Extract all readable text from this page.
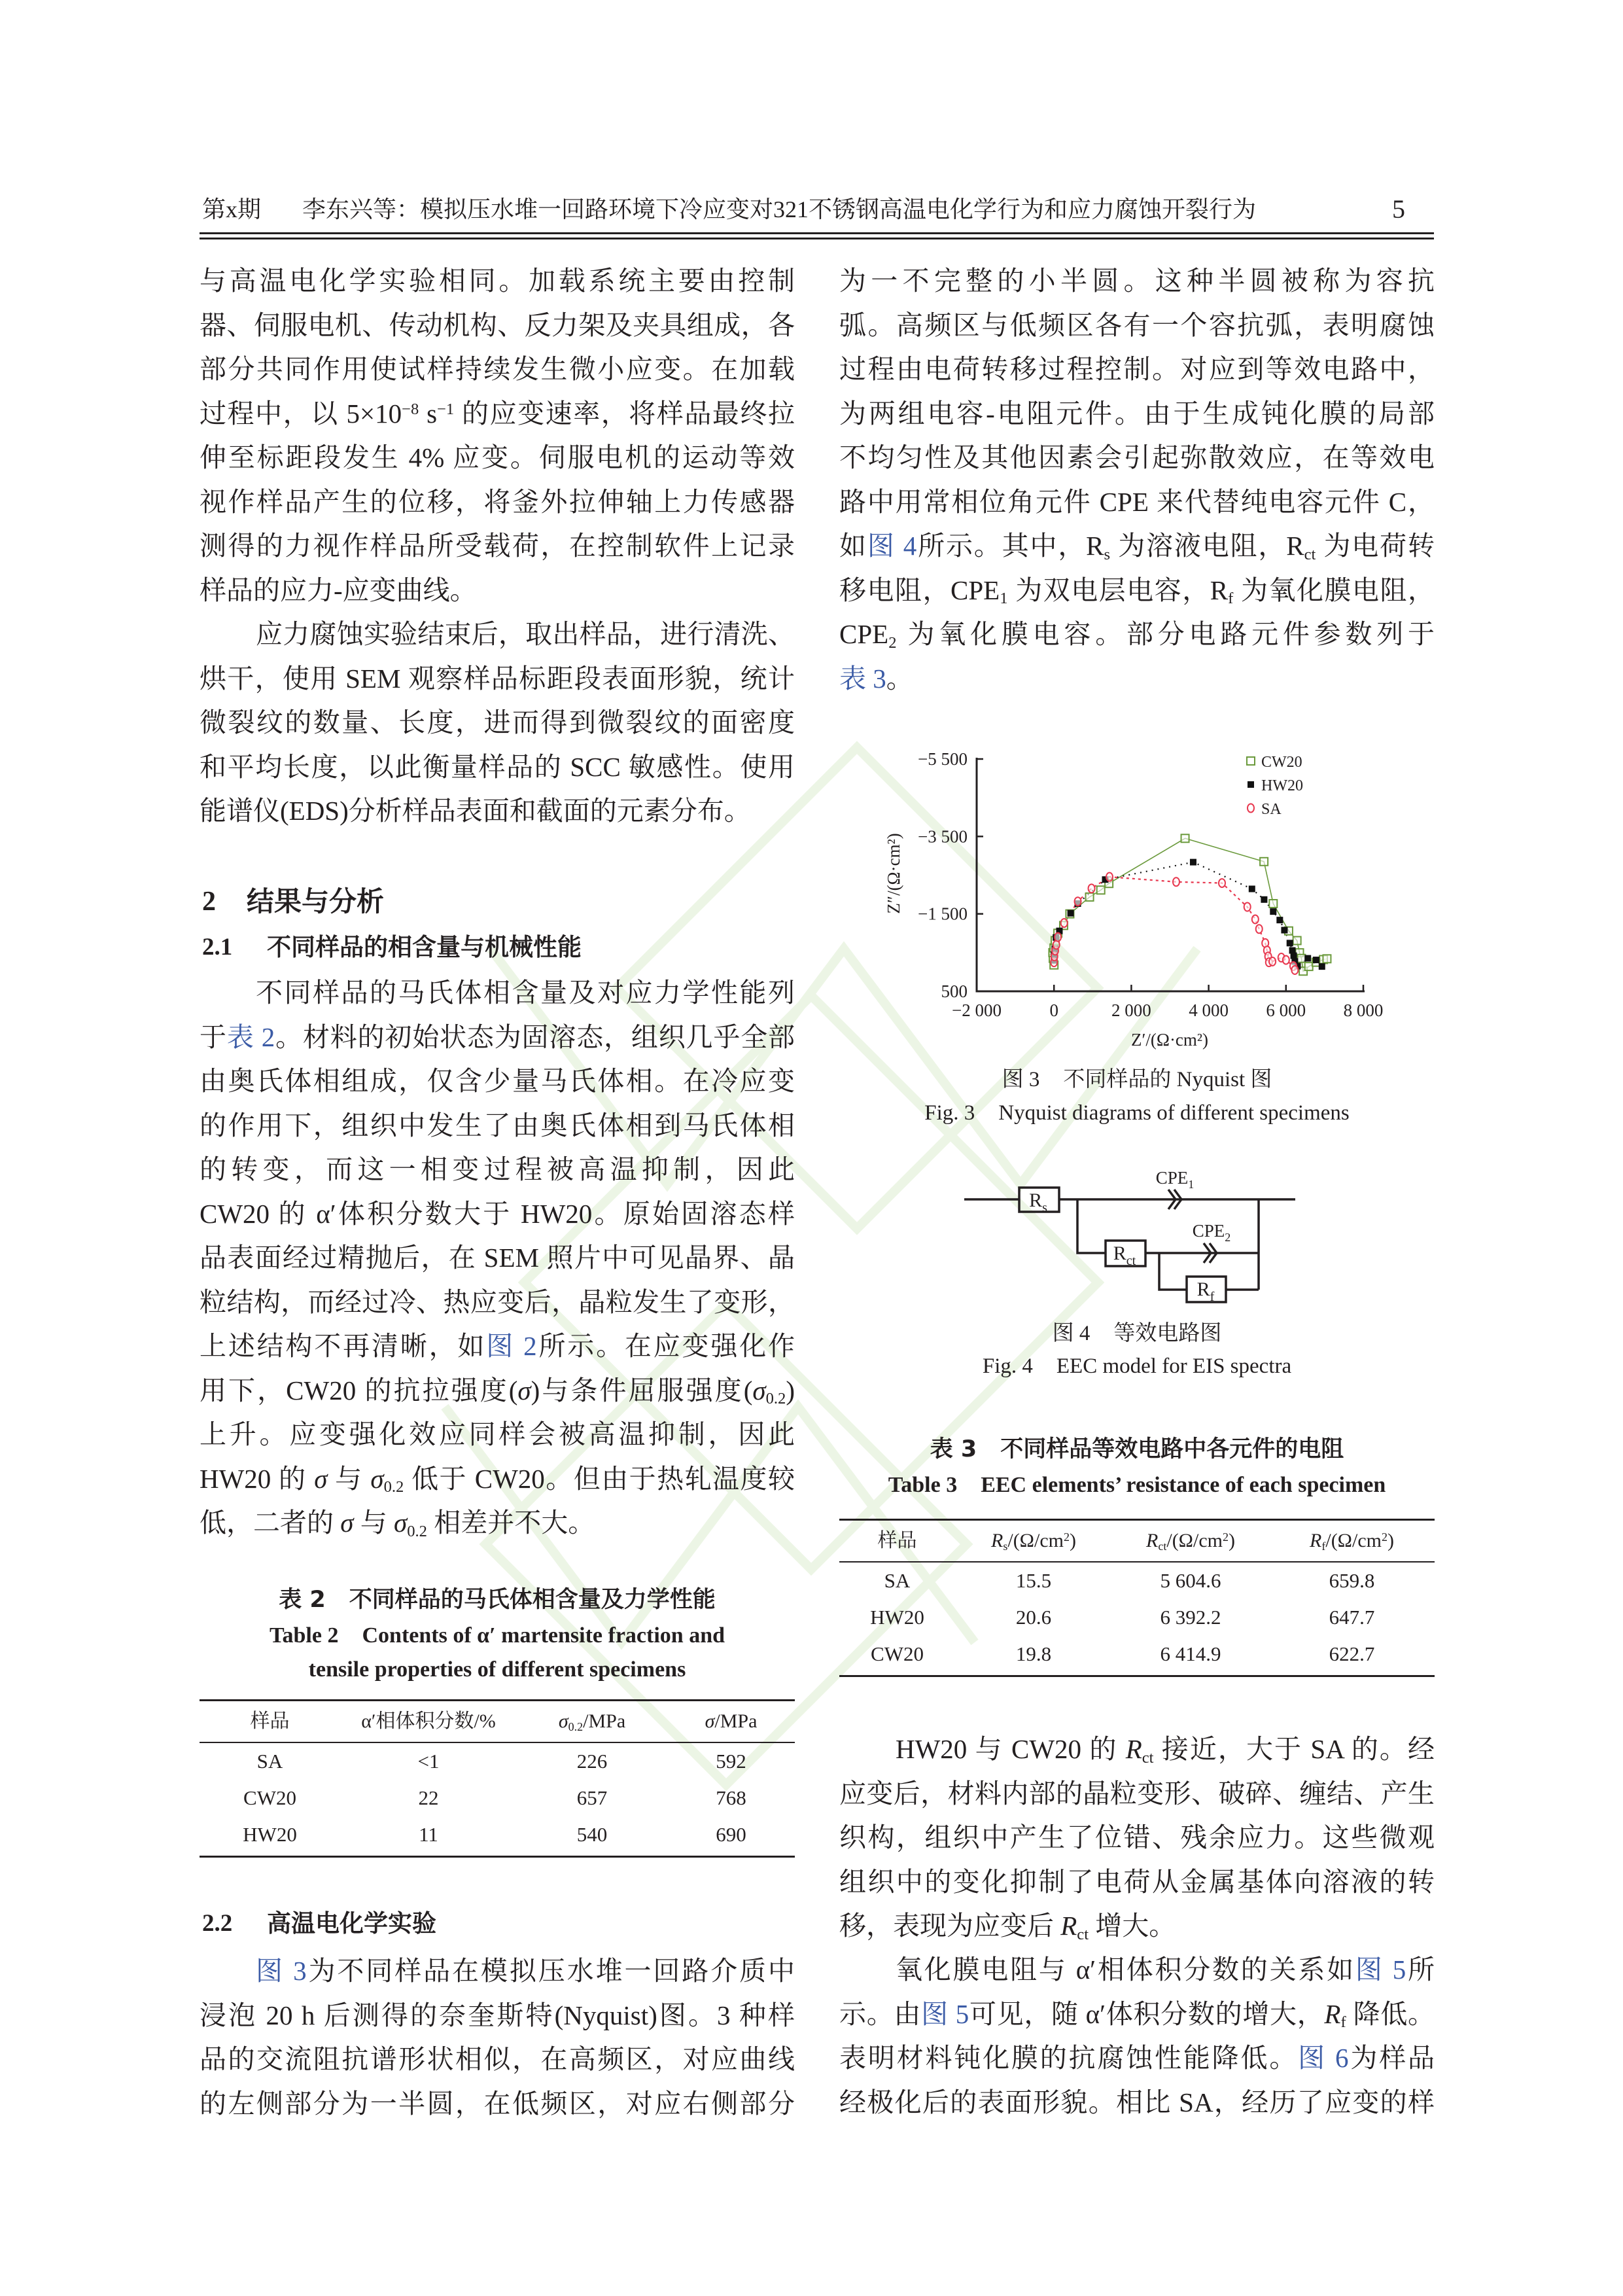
第x期 李东兴等：模拟压水堆一回路环境下冷应变对321不锈钢高温电化学行为和应力腐蚀开裂行为	5
与高温电化学实验相同。加载系统主要由控制
器、伺服电机、传动机构、反力架及夹具组成，各
部分共同作用使试样持续发生微小应变。在加载
过程中，以 $5\times 10^{-8}$ $s^{-1}$ 的应变速率，将样品最终拉
伸至标距段发生 4% 应变。伺服电机的运动等效
视作样品产生的位移，将釜外拉伸轴上力传感器
测得的力视作样品所受载荷，在控制软件上记录
样品的应力-应变曲线。
应力腐蚀实验结束后，取出样品，进行清洗、
烘干，使用 SEM 观察样品标距段表面形貌，统计
微裂纹的数量、长度，进而得到微裂纹的面密度
和平均长度，以此衡量样品的 SCC 敏感性。使用
能谱仪(EDS)分析样品表面和截面的元素分布。
2 结果与分析
2.1 不同样品的相含量与机械性能
不同样品的马氏体相含量及对应力学性能列
于表 2。材料的初始状态为固溶态，组织几乎全部
由奥氏体相组成，仅含少量马氏体相。在冷应变
的作用下，组织中发生了由奥氏体相到马氏体相
的转变，而这一相变过程被高温抑制，因此
CW20 的 α′体积分数大于 HW20。原始固溶态样
品表面经过精抛后，在 SEM 照片中可见晶界、晶
粒结构，而经过冷、热应变后，晶粒发生了变形，
上述结构不再清晰，如图 2所示。在应变强化作
用下，CW20 的抗拉强度(σ)与条件屈服强度(σ0.2)
上升。应变强化效应同样会被高温抑制，因此
HW20 的 σ 与 σ0.2 低于 CW20。但由于热轧温度较
低，二者的 σ 与 σ0.2 相差并不大。
表 2 不同样品的马氏体相含量及力学性能
Table 2 Contents of α′ martensite fraction and
tensile properties of different specimens
样品	α′相体积分数/%	σ0.2/MPa	σ/MPa
SA	<1	226	592
CW20	22	657	768
HW20	11	540	690
2.2 高温电化学实验
图 3为不同样品在模拟压水堆一回路介质中
浸泡 20 h 后测得的奈奎斯特(Nyquist)图。3 种样
品的交流阻抗谱形状相似，在高频区，对应曲线
的左侧部分为一半圆，在低频区，对应右侧部分
为一不完整的小半圆。这种半圆被称为容抗
弧。高频区与低频区各有一个容抗弧，表明腐蚀
过程由电荷转移过程控制。对应到等效电路中，
为两组电容-电阻元件。由于生成钝化膜的局部
不均匀性及其他因素会引起弥散效应，在等效电
路中用常相位角元件 CPE 来代替纯电容元件 C，
如图 4所示。其中，Rs 为溶液电阻，Rct 为电荷转
移电阻，CPE1 为双电层电容，Rf 为氧化膜电阻，
CPE2 为氧化膜电容。部分电路元件参数列于
表 3。
−5 500
−3 500
−1 500
500
−2 000	0	2 000 4 000 6 000 8 000
Z′/(Ω·cm²)
Z″/(Ω·cm²)
CW20
HW20
SA
图 3 不同样品的 Nyquist 图
Fig. 3 Nyquist diagrams of different specimens
$R_s$
$R_{ct}$
$R_f$
$CPE_1$
$CPE_2$
图 4 等效电路图
Fig. 4 EEC model for EIS spectra
表 3 不同样品等效电路中各元件的电阻
Table 3 EEC elements’ resistance of each specimen
样品	$Rs/(\Omega/cm^2)$	Rct/$(\Omega/cm^2)$	$Rf/(\Omega/cm^2)$
SA	15.5	5 604.6	659.8
HW20	20.6	6 392.2	647.7
CW20	19.8	6 414.9	622.7
HW20 与 CW20 的 Rct 接近，大于 SA 的。经
应变后，材料内部的晶粒变形、破碎、缠结、产生
织构，组织中产生了位错、残余应力。这些微观
组织中的变化抑制了电荷从金属基体向溶液的转
移，表现为应变后 Rct 增大。
氧化膜电阻与 α′相体积分数的关系如图 5所
示。由图 5可见，随 α′体积分数的增大，Rf 降低。
表明材料钝化膜的抗腐蚀性能降低。图 6为样品
经极化后的表面形貌。相比 SA，经历了应变的样
